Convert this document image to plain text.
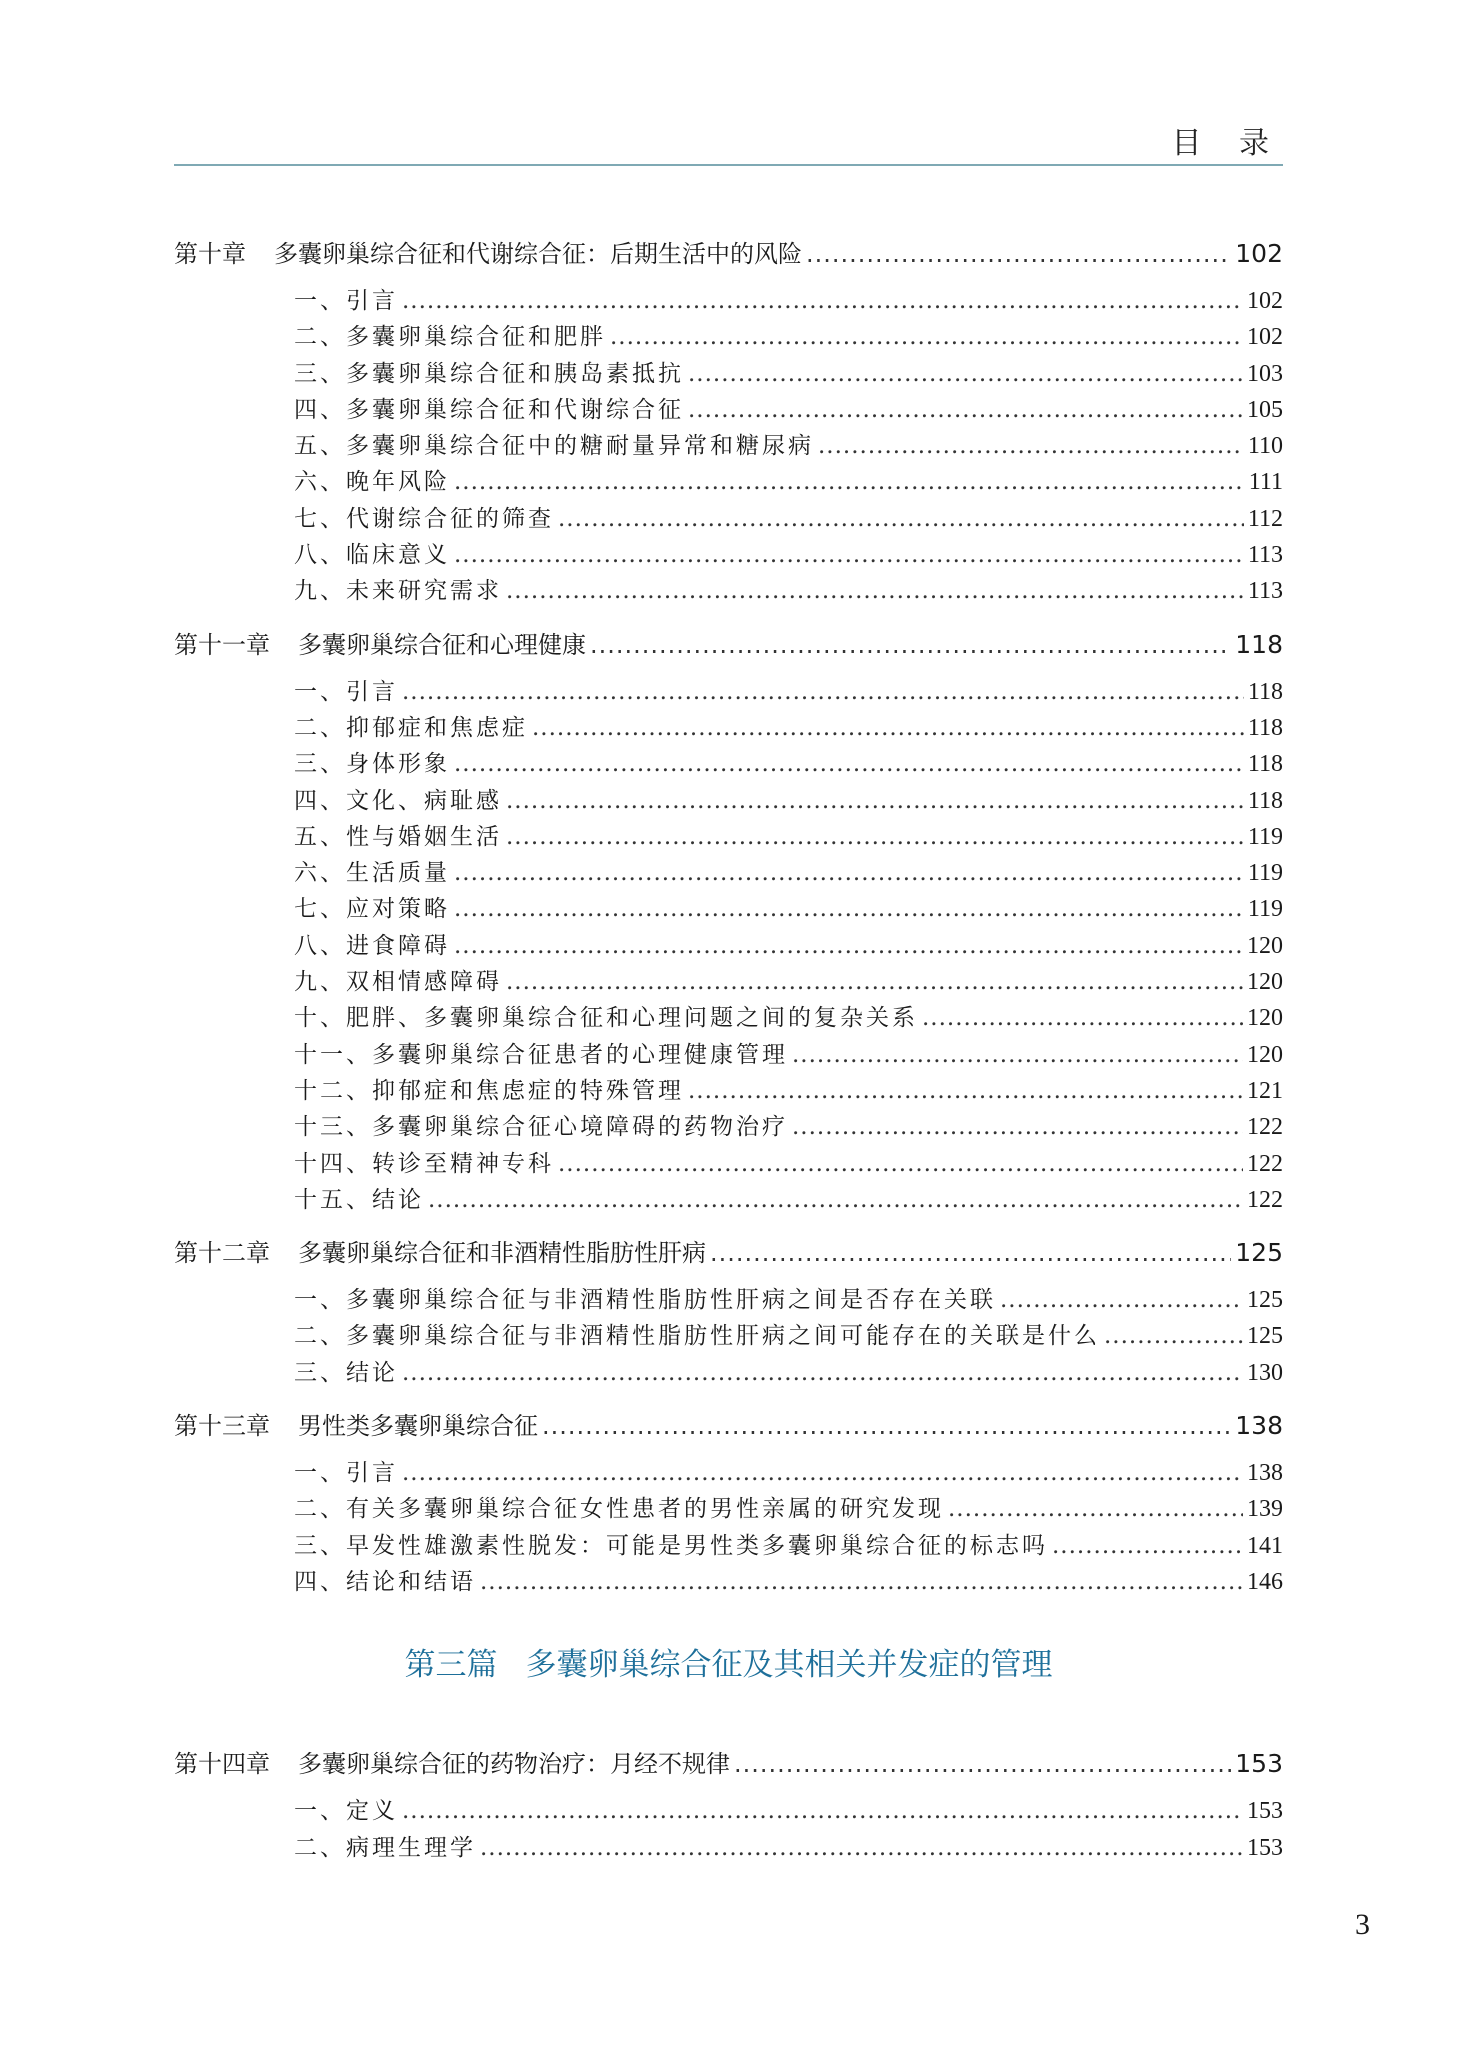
目 录
第十章 多囊卵巢综合征和代谢综合征：后期生活中的风险 .....	102
一、引言 .....	102
二、多囊卵巢综合征和肥胖 .....	102
三、多囊卵巢综合征和胰岛素抵抗 .....	103
四、多囊卵巢综合征和代谢综合征 .....	105
五、多囊卵巢综合征中的糖耐量异常和糖尿病 .....	110
六、晚年风险 .....	111
七、代谢综合征的筛查 .....	112
八、临床意义 .....	113
九、未来研究需求 .....	113
第十一章 多囊卵巢综合征和心理健康 .....	118
一、引言 .....	118
二、抑郁症和焦虑症 .....	118
三、身体形象 .....	118
四、文化、病耻感 .....	118
五、性与婚姻生活 .....	119
六、生活质量 .....	119
七、应对策略 .....	119
八、进食障碍 .....	120
九、双相情感障碍 .....	120
十、肥胖、多囊卵巢综合征和心理问题之间的复杂关系 .....	120
十一、多囊卵巢综合征患者的心理健康管理 .....	120
十二、抑郁症和焦虑症的特殊管理 .....	121
十三、多囊卵巢综合征心境障碍的药物治疗 .....	122
十四、转诊至精神专科 .....	122
十五、结论 .....	122
第十二章 多囊卵巢综合征和非酒精性脂肪性肝病 .....	125
一、多囊卵巢综合征与非酒精性脂肪性肝病之间是否存在关联 .....	125
二、多囊卵巢综合征与非酒精性脂肪性肝病之间可能存在的关联是什么 .....	125
三、结论 .....	130
第十三章 男性类多囊卵巢综合征 .....	138
一、引言 .....	138
二、有关多囊卵巢综合征女性患者的男性亲属的研究发现 .....	139
三、早发性雄激素性脱发：可能是男性类多囊卵巢综合征的标志吗 .....	141
四、结论和结语 .....	146
第三篇 多囊卵巢综合征及其相关并发症的管理
第十四章 多囊卵巢综合征的药物治疗：月经不规律 .....	153
一、定义 .....	153
二、病理生理学 .....	153
3
